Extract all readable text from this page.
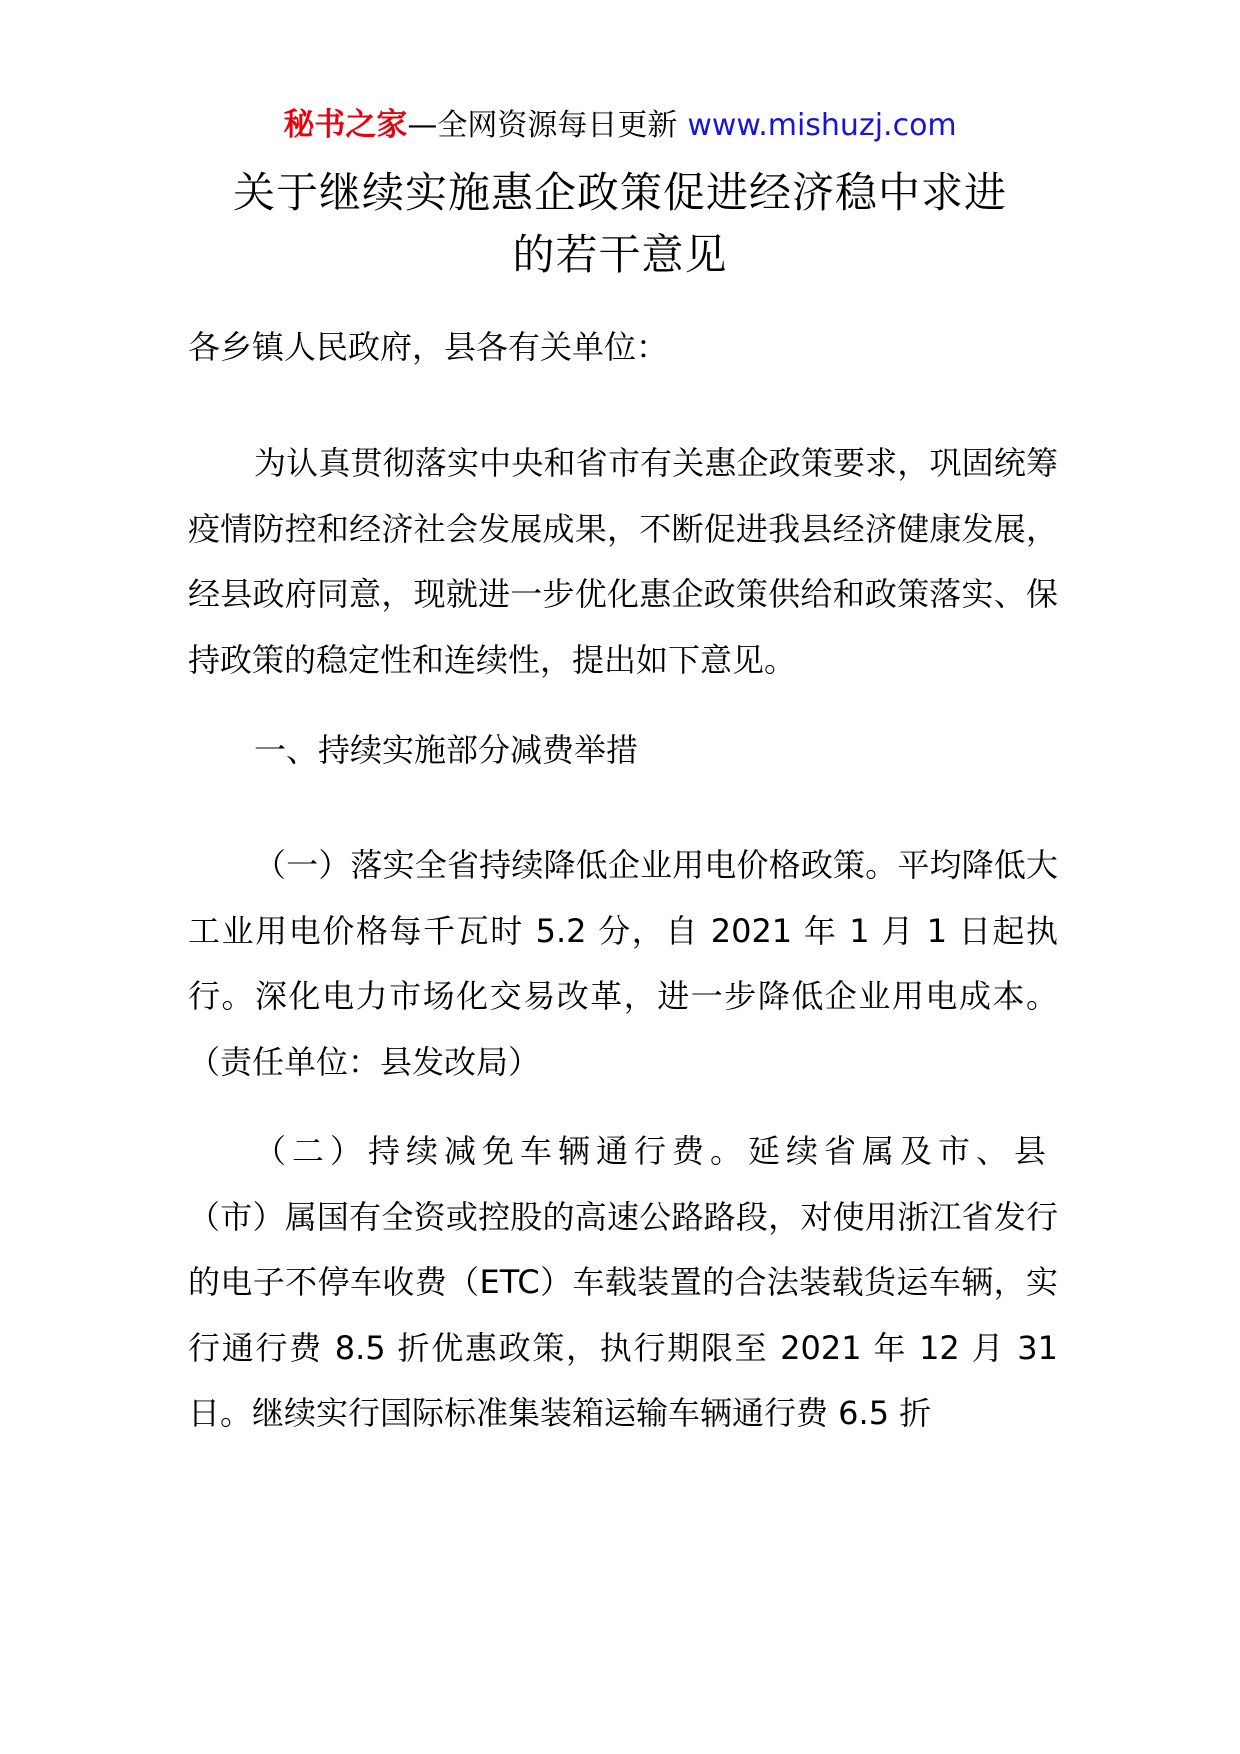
秘书之家—全网资源每日更新 www.mishuzj.com
关于继续实施惠企政策促进经济稳中求进
的若干意见
各乡镇人民政府，县各有关单位：
为认真贯彻落实中央和省市有关惠企政策要求，巩固统筹疫情防控和经济社会发展成果，不断促进我县经济健康发展，经县政府同意，现就进一步优化惠企政策供给和政策落实、保持政策的稳定性和连续性，提出如下意见。
一、持续实施部分减费举措
（一）落实全省持续降低企业用电价格政策。平均降低大工业用电价格每千瓦时 5.2 分，自 2021 年 1 月 1 日起执行。深化电力市场化交易改革，进一步降低企业用电成本。（责任单位：县发改局）
（二）持续减免车辆通行费。延续省属及市、县
（市）属国有全资或控股的高速公路路段，对使用浙江省发行的电子不停车收费（ETC）车载装置的合法装载货运车辆，实行通行费 8.5 折优惠政策，执行期限至 2021 年 12 月 31 日。继续实行国际标准集装箱运输车辆通行费 6.5 折
